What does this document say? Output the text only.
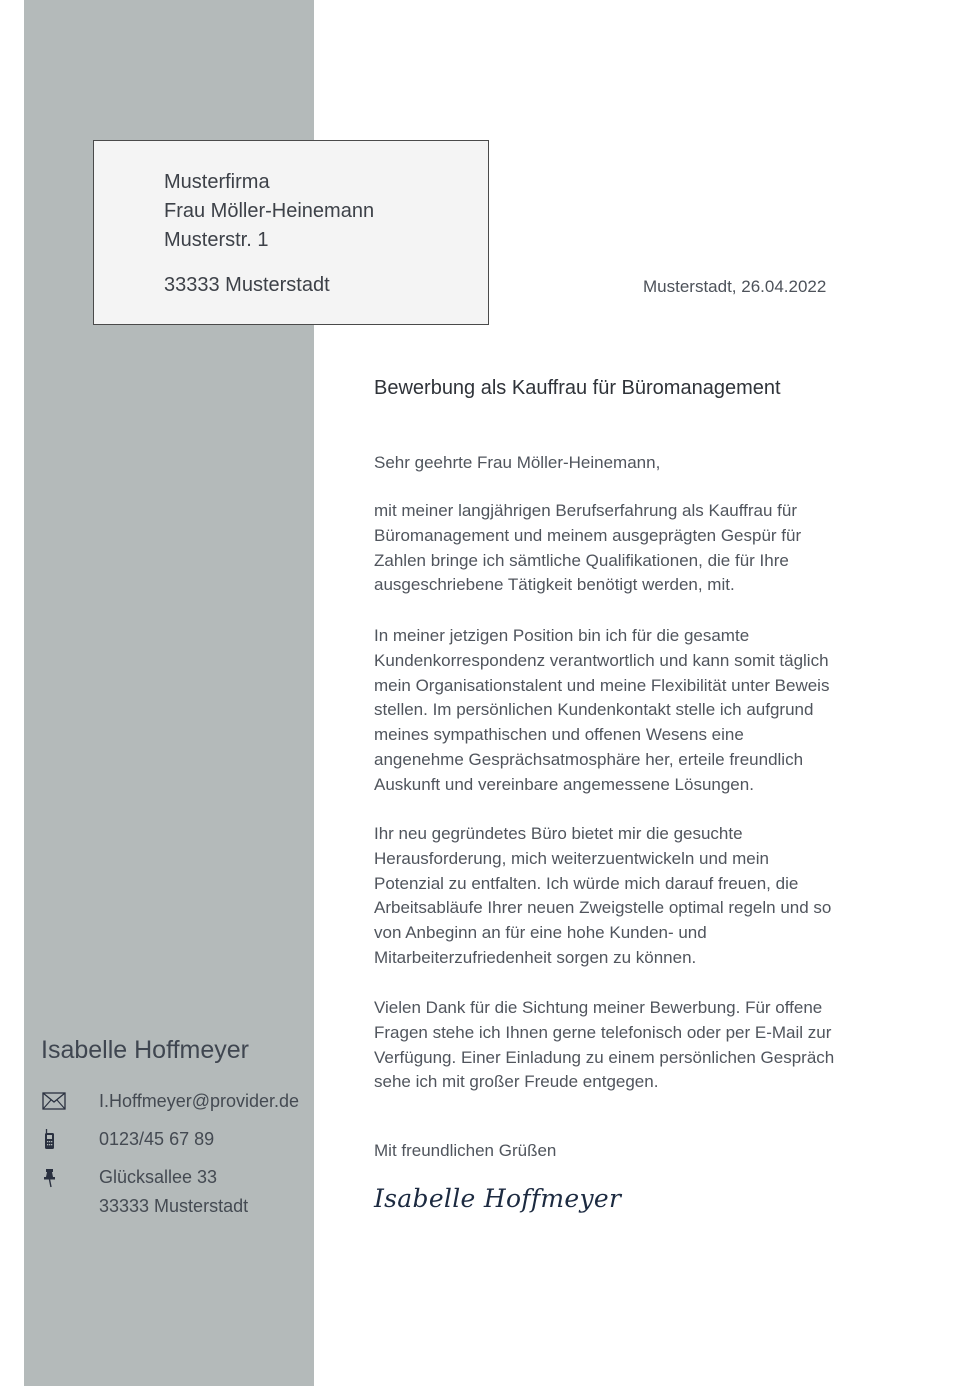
Musterfirma
Frau Möller-Heinemann
Musterstr. 1
33333 Musterstadt	Musterstadt, 26.04.2022
Bewerbung als Kauffrau für Büromanagement
Sehr geehrte Frau Möller-Heinemann,
mit meiner langjährigen Berufserfahrung als Kauffrau für
Büromanagement und meinem ausgeprägten Gespür für
Zahlen bringe ich sämtliche Qualifikationen, die für Ihre
ausgeschriebene Tätigkeit benötigt werden, mit.
In meiner jetzigen Position bin ich für die gesamte
Kundenkorrespondenz verantwortlich und kann somit täglich
mein Organisationstalent und meine Flexibilität unter Beweis
stellen. Im persönlichen Kundenkontakt stelle ich aufgrund
meines sympathischen und offenen Wesens eine
angenehme Gesprächsatmosphäre her, erteile freundlich
Auskunft und vereinbare angemessene Lösungen.
Ihr neu gegründetes Büro bietet mir die gesuchte
Herausforderung, mich weiterzuentwickeln und mein
Potenzial zu entfalten. Ich würde mich darauf freuen, die
Arbeitsabläufe Ihrer neuen Zweigstelle optimal regeln und so
von Anbeginn an für eine hohe Kunden- und
Mitarbeiterzufriedenheit sorgen zu können.
Vielen Dank für die Sichtung meiner Bewerbung. Für offene
Fragen stehe ich Ihnen gerne telefonisch oder per E-Mail zur
Verfügung. Einer Einladung zu einem persönlichen Gespräch
sehe ich mit großer Freude entgegen.
Mit freundlichen Grüßen
Isabelle Hoffmeyer
Isabelle Hoffmeyer
I.Hoffmeyer@provider.de
0123/45 67 89
Glücksallee 33
33333 Musterstadt
